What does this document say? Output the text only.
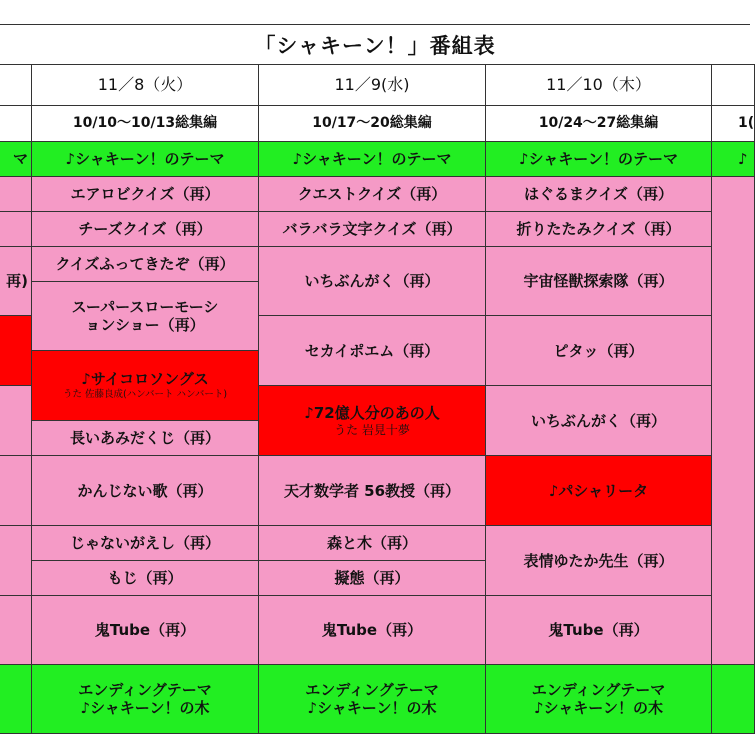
「シャキーン！」番組表
マ
再)
11／8（火）
10/10〜10/13総集編
♪シャキーン！のテーマ
エアロビクイズ（再）
チーズクイズ（再）
クイズふってきたぞ（再）
スーパースローモーションショー（再）
♪サイコロソングス
うた 佐藤良成(ハンバート ハンバート)
長いあみだくじ（再）
かんじない歌（再）
じゃないがえし（再）
もじ（再）
鬼Tube（再）
エンディングテーマ
♪シャキーン！の木
11／9(水)
10/17〜20総集編
♪シャキーン！のテーマ
クエストクイズ（再）
バラバラ文字クイズ（再）
いちぶんがく（再）
セカイポエム（再）
♪72億人分のあの人
うた 岩見十夢
天才数学者 56教授（再）
森と木（再）
擬態（再）
鬼Tube（再）
エンディングテーマ
♪シャキーン！の木
11／10（木）
10/24〜27総集編
♪シャキーン！のテーマ
はぐるまクイズ（再）
折りたたみクイズ（再）
宇宙怪獣探索隊（再）
ピタッ（再）
いちぶんがく（再）
♪パシャリータ
表情ゆたか先生（再）
鬼Tube（再）
エンディングテーマ
♪シャキーン！の木
1(
♪
